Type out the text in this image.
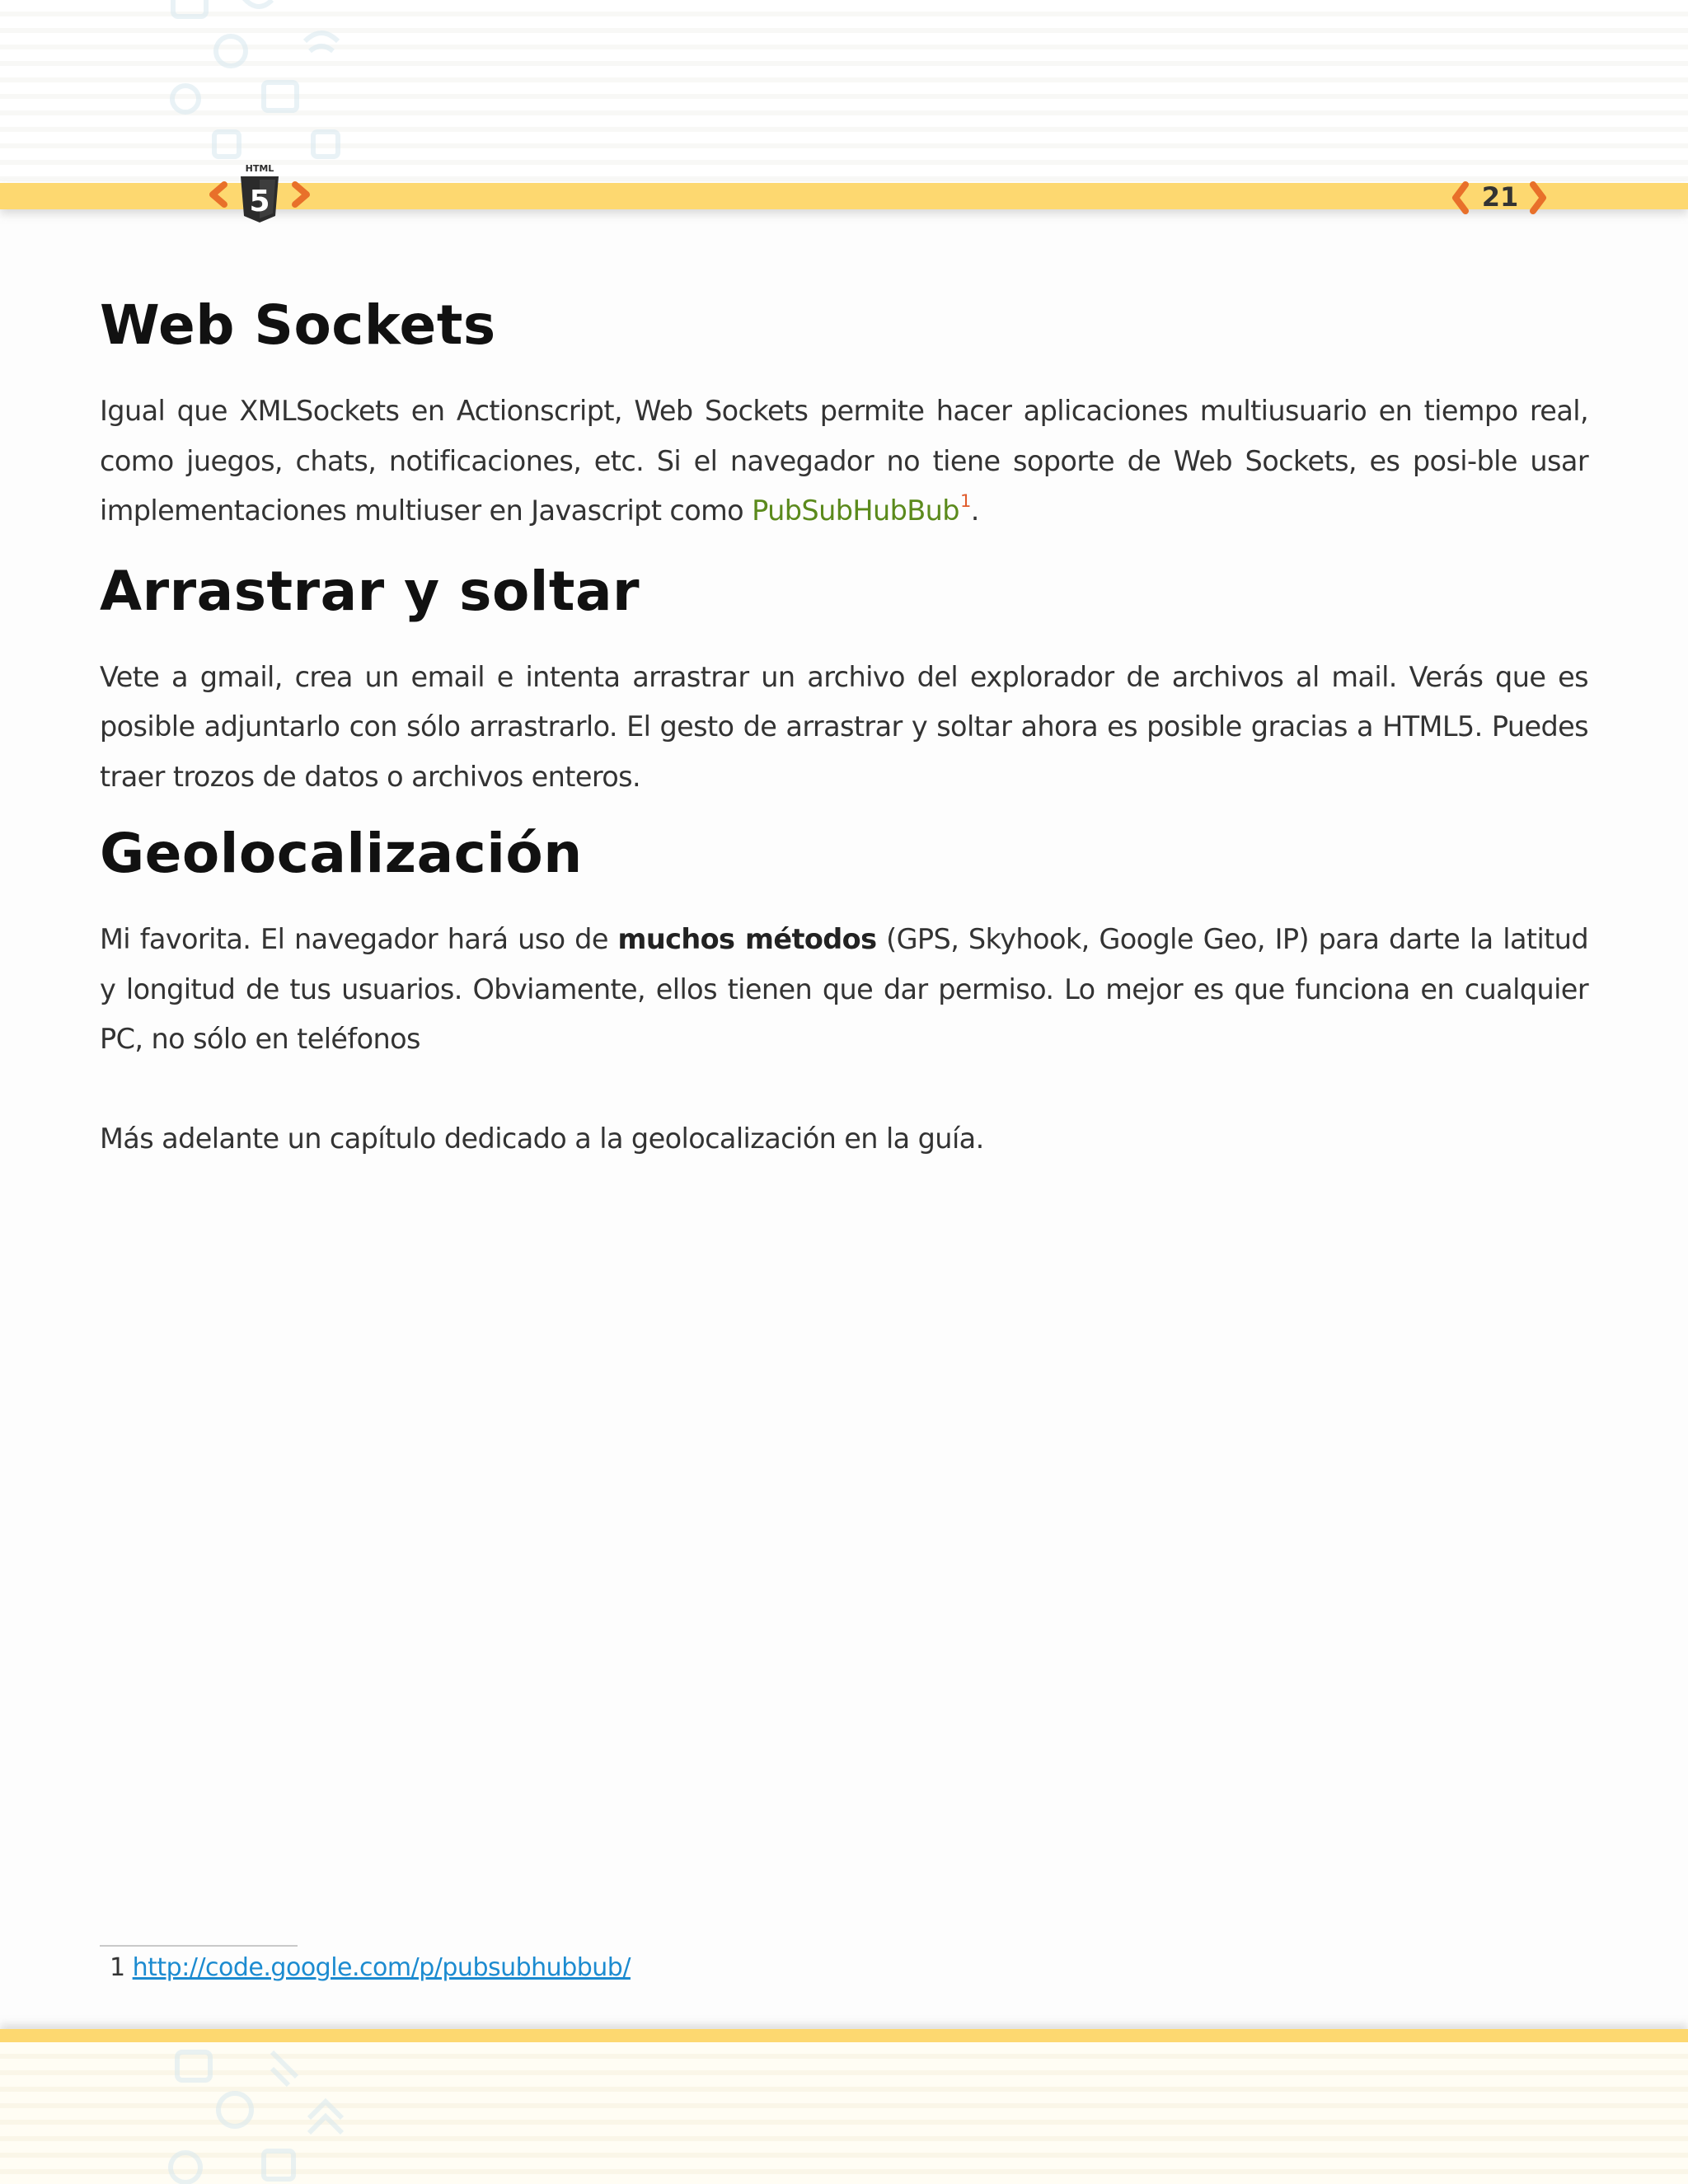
5
HTML
21
Web Sockets

Igual que XMLSockets en Actionscript, Web Sockets permite hacer aplicaciones multiusuario en tiempo real, como juegos, chats, notificaciones, etc. Si el navegador no tiene soporte de Web Sockets, es posi-ble usar implementaciones multiuser en Javascript como PubSubHubBub$^1$.

Arrastrar y soltar

Vete a gmail, crea un email e intenta arrastrar un archivo del explorador de archivos al mail. Verás que es posible adjuntarlo con sólo arrastrarlo. El gesto de arrastrar y soltar ahora es posible gracias a HTML5. Puedes traer trozos de datos o archivos enteros.

Geolocalización

Mi favorita. El navegador hará uso de muchos métodos (GPS, Skyhook, Google Geo, IP) para darte la latitud y longitud de tus usuarios. Obviamente, ellos tienen que dar permiso. Lo mejor es que funciona en cualquier PC, no sólo en teléfonos

Más adelante un capítulo dedicado a la geolocalización en la guía.

1 http://code.google.com/p/pubsubhubbub/
